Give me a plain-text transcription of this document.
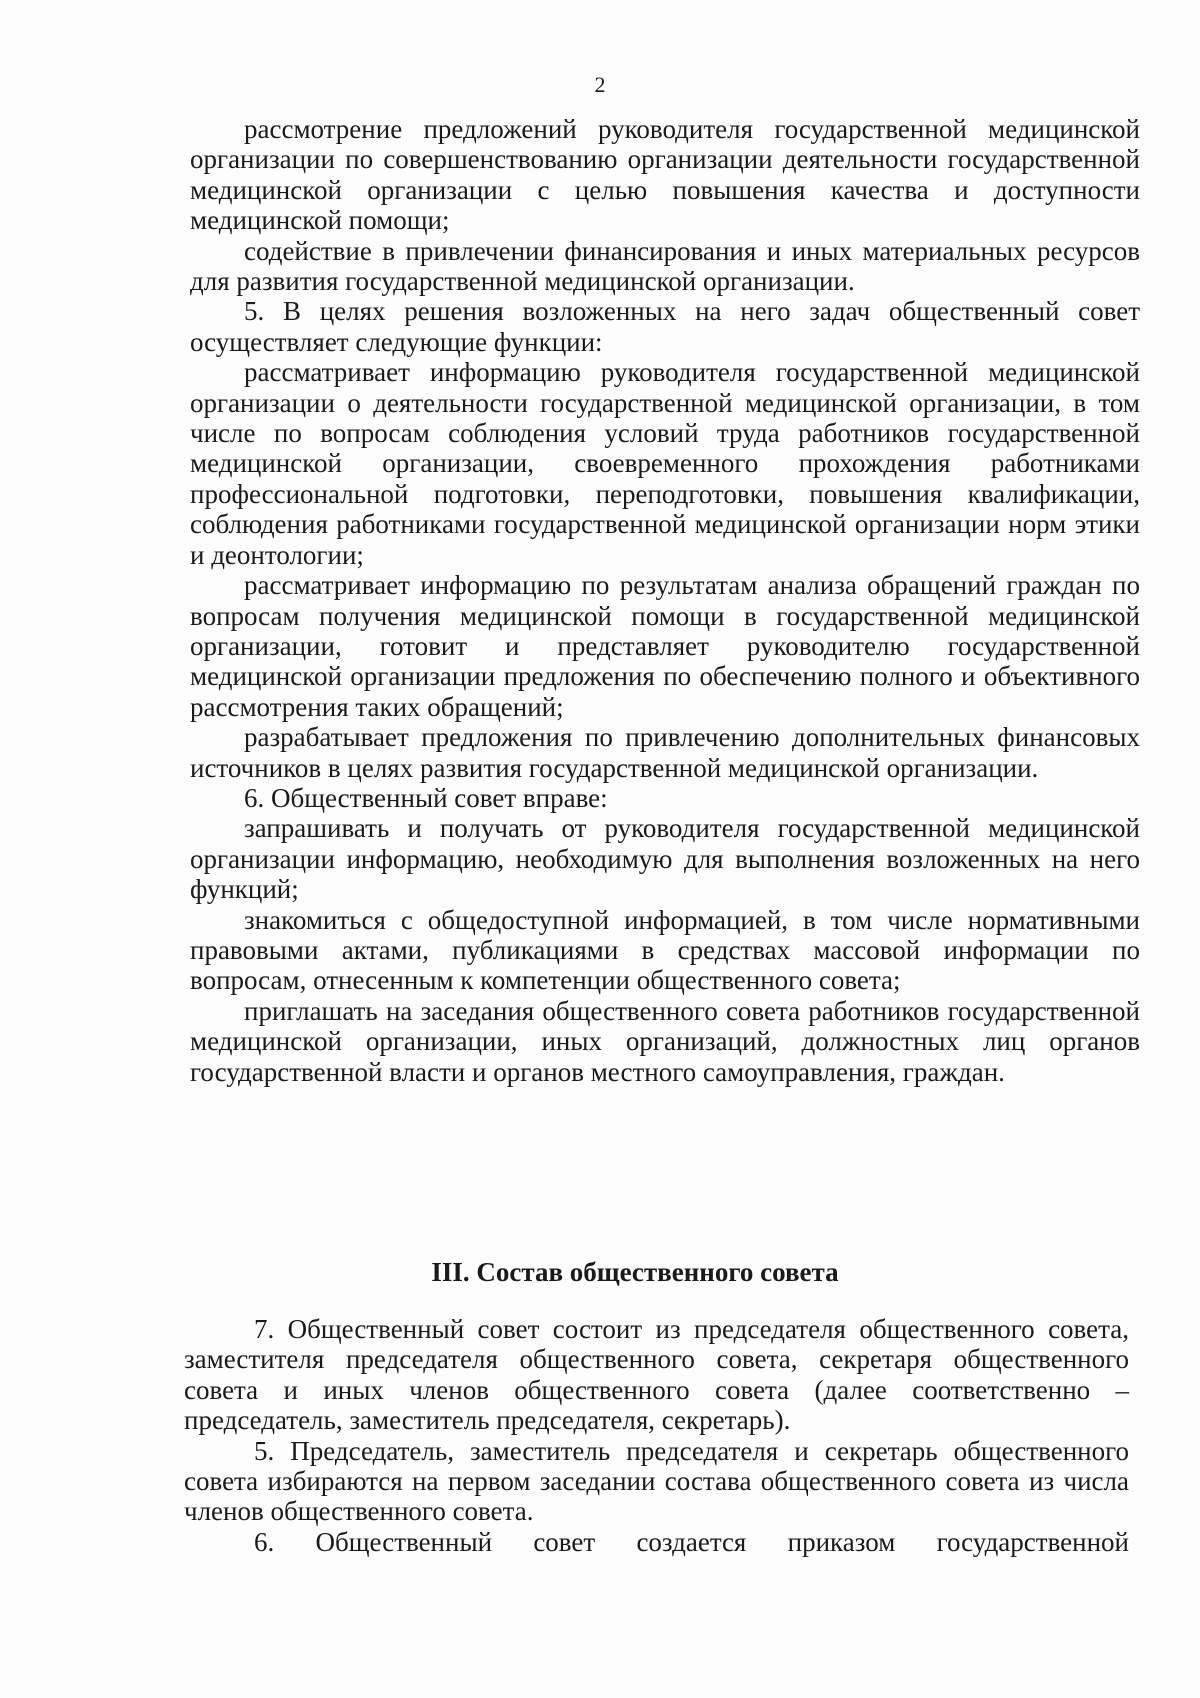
2

рассмотрение предложений руководителя государственной медицинской организации по совершенствованию организации деятельности государственной медицинской организации с целью повышения качества и доступности медицинской помощи;

содействие в привлечении финансирования и иных материальных ресурсов для развития государственной медицинской организации.

5. В целях решения возложенных на него задач общественный совет осуществляет следующие функции:

рассматривает информацию руководителя государственной медицинской организации о деятельности государственной медицинской организации, в том числе по вопросам соблюдения условий труда работников государственной медицинской организации, своевременного прохождения работниками профессиональной подготовки, переподготовки, повышения квалификации, соблюдения работниками государственной медицинской организации норм этики и деонтологии;

рассматривает информацию по результатам анализа обращений граждан по вопросам получения медицинской помощи в государственной медицинской организации, готовит и представляет руководителю государственной медицинской организации предложения по обеспечению полного и объективного рассмотрения таких обращений;

разрабатывает предложения по привлечению дополнительных финансовых источников в целях развития государственной медицинской организации.

6. Общественный совет вправе:

запрашивать и получать от руководителя государственной медицинской организации информацию, необходимую для выполнения возложенных на него функций;

знакомиться с общедоступной информацией, в том числе нормативными правовыми актами, публикациями в средствах массовой информации по вопросам, отнесенным к компетенции общественного совета;

приглашать на заседания общественного совета работников государственной медицинской организации, иных организаций, должностных лиц органов государственной власти и органов местного самоуправления, граждан.

III. Состав общественного совета

7. Общественный совет состоит из председателя общественного совета, заместителя председателя общественного совета, секретаря общественного совета и иных членов общественного совета (далее соответственно – председатель, заместитель председателя, секретарь).

5. Председатель, заместитель председателя и секретарь общественного совета избираются на первом заседании состава общественного совета из числа членов общественного совета.

6. Общественный совет создается приказом государственной
